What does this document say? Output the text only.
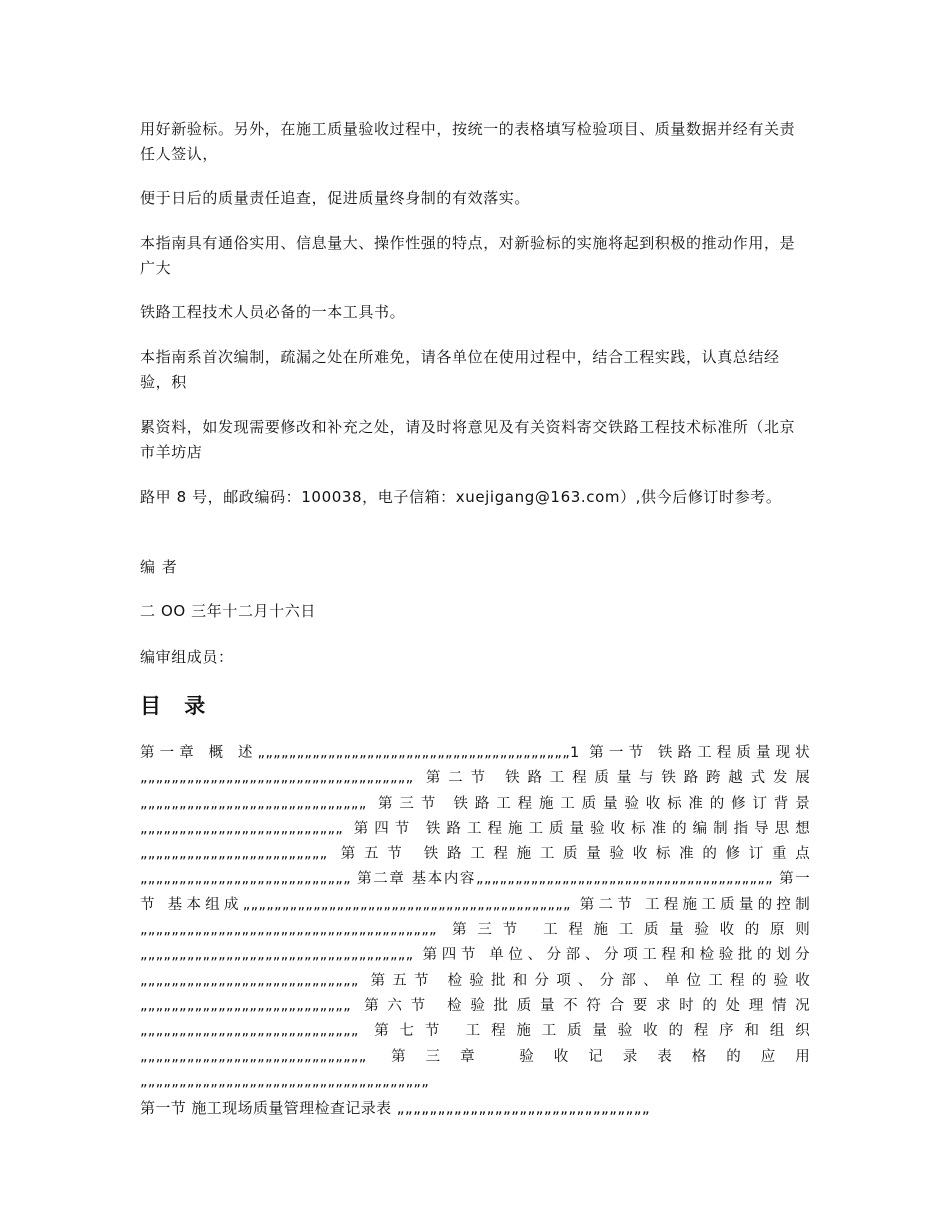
用好新验标。另外，在施工质量验收过程中，按统一的表格填写检验项目、质量数据并经有关责任人签认，

便于日后的质量责任追查，促进质量终身制的有效落实。

本指南具有通俗实用、信息量大、操作性强的特点，对新验标的实施将起到积极的推动作用，是广大

铁路工程技术人员必备的一本工具书。

本指南系首次编制，疏漏之处在所难免，请各单位在使用过程中，结合工程实践，认真总结经验，积

累资料，如发现需要修改和补充之处，请及时将意见及有关资料寄交铁路工程技术标准所（北京市羊坊店

路甲 8 号，邮政编码：100038，电子信箱：xuejigang@163.com）,供今后修订时参考。

编 者

二 OO 三年十二月十六日

编审组成员：

目 录

第一章 概 述„„„„„„„„„„„„„„„„„„„„„„„„„„„„„„„„„„„„„„„„1 第一节 铁路工程质量现状„„„„„„„„„„„„„„„„„„„„„„„„„„„„„„„„„„„ 第二节 铁路工程质量与铁路跨越式发展„„„„„„„„„„„„„„„„„„„„„„„„„„„„„ 第三节 铁路工程施工质量验收标准的修订背景„„„„„„„„„„„„„„„„„„„„„„„„„„ 第四节 铁路工程施工质量验收标准的编制指导思想„„„„„„„„„„„„„„„„„„„„„„„„ 第五节 铁路工程施工质量验收标准的修订重点„„„„„„„„„„„„„„„„„„„„„„„„„„„ 第二章 基本内容„„„„„„„„„„„„„„„„„„„„„„„„„„„„„„„„„„„„„„ 第一节 基本组成„„„„„„„„„„„„„„„„„„„„„„„„„„„„„„„„„„„„„„„„„„ 第二节 工程施工质量的控制„„„„„„„„„„„„„„„„„„„„„„„„„„„„„„„„„„„„„„ 第三节 工程施工质量验收的原则 „„„„„„„„„„„„„„„„„„„„„„„„„„„„„„„„„„„ 第四节 单位、分部、分项工程和检验批的划分 „„„„„„„„„„„„„„„„„„„„„„„„„„„„ 第五节 检验批和分项、分部、单位工程的验收 „„„„„„„„„„„„„„„„„„„„„„„„„„„ 第六节 检验批质量不符合要求时的处理情况 „„„„„„„„„„„„„„„„„„„„„„„„„„„„ 第七节 工程施工质量验收的程序和组织 „„„„„„„„„„„„„„„„„„„„„„„„„„„„„ 第三章 验收记录表格的应用„„„„„„„„„„„„„„„„„„„„„„„„„„„„„„„„„„„„„

第一节 施工现场质量管理检查记录表 „„„„„„„„„„„„„„„„„„„„„„„„„„„„„„„
